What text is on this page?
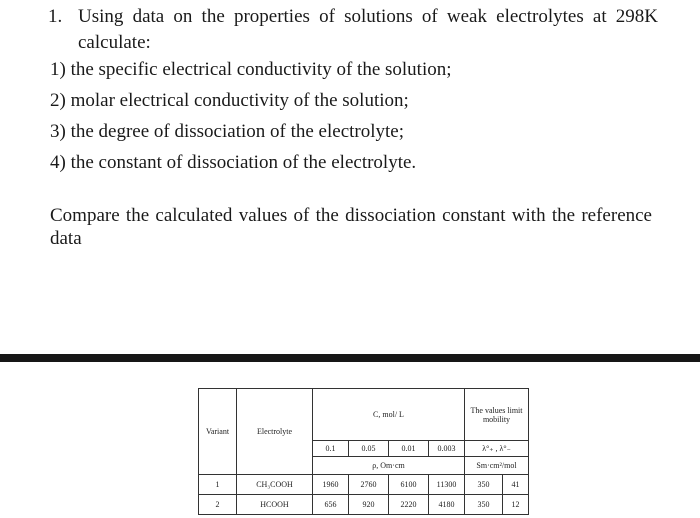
1. Using data on the properties of solutions of weak electrolytes at 298K calculate:
1) the specific electrical conductivity of the solution;
2) molar electrical conductivity of the solution;
3) the degree of dissociation of the electrolyte;
4) the constant of dissociation of the electrolyte.
Compare the calculated values of the dissociation constant with the reference data
Variant	Electrolyte	C, mol/ L				The values limit mobility	
		0.1	0.05	0.01	0.003	λ°₊ , λ°₋	
		ρ, Om·cm				Sm·cm²/mol	
1	CH₃COOH	1960	2760	6100	11300	350	41
2	HCOOH	656	920	2220	4180	350	12
